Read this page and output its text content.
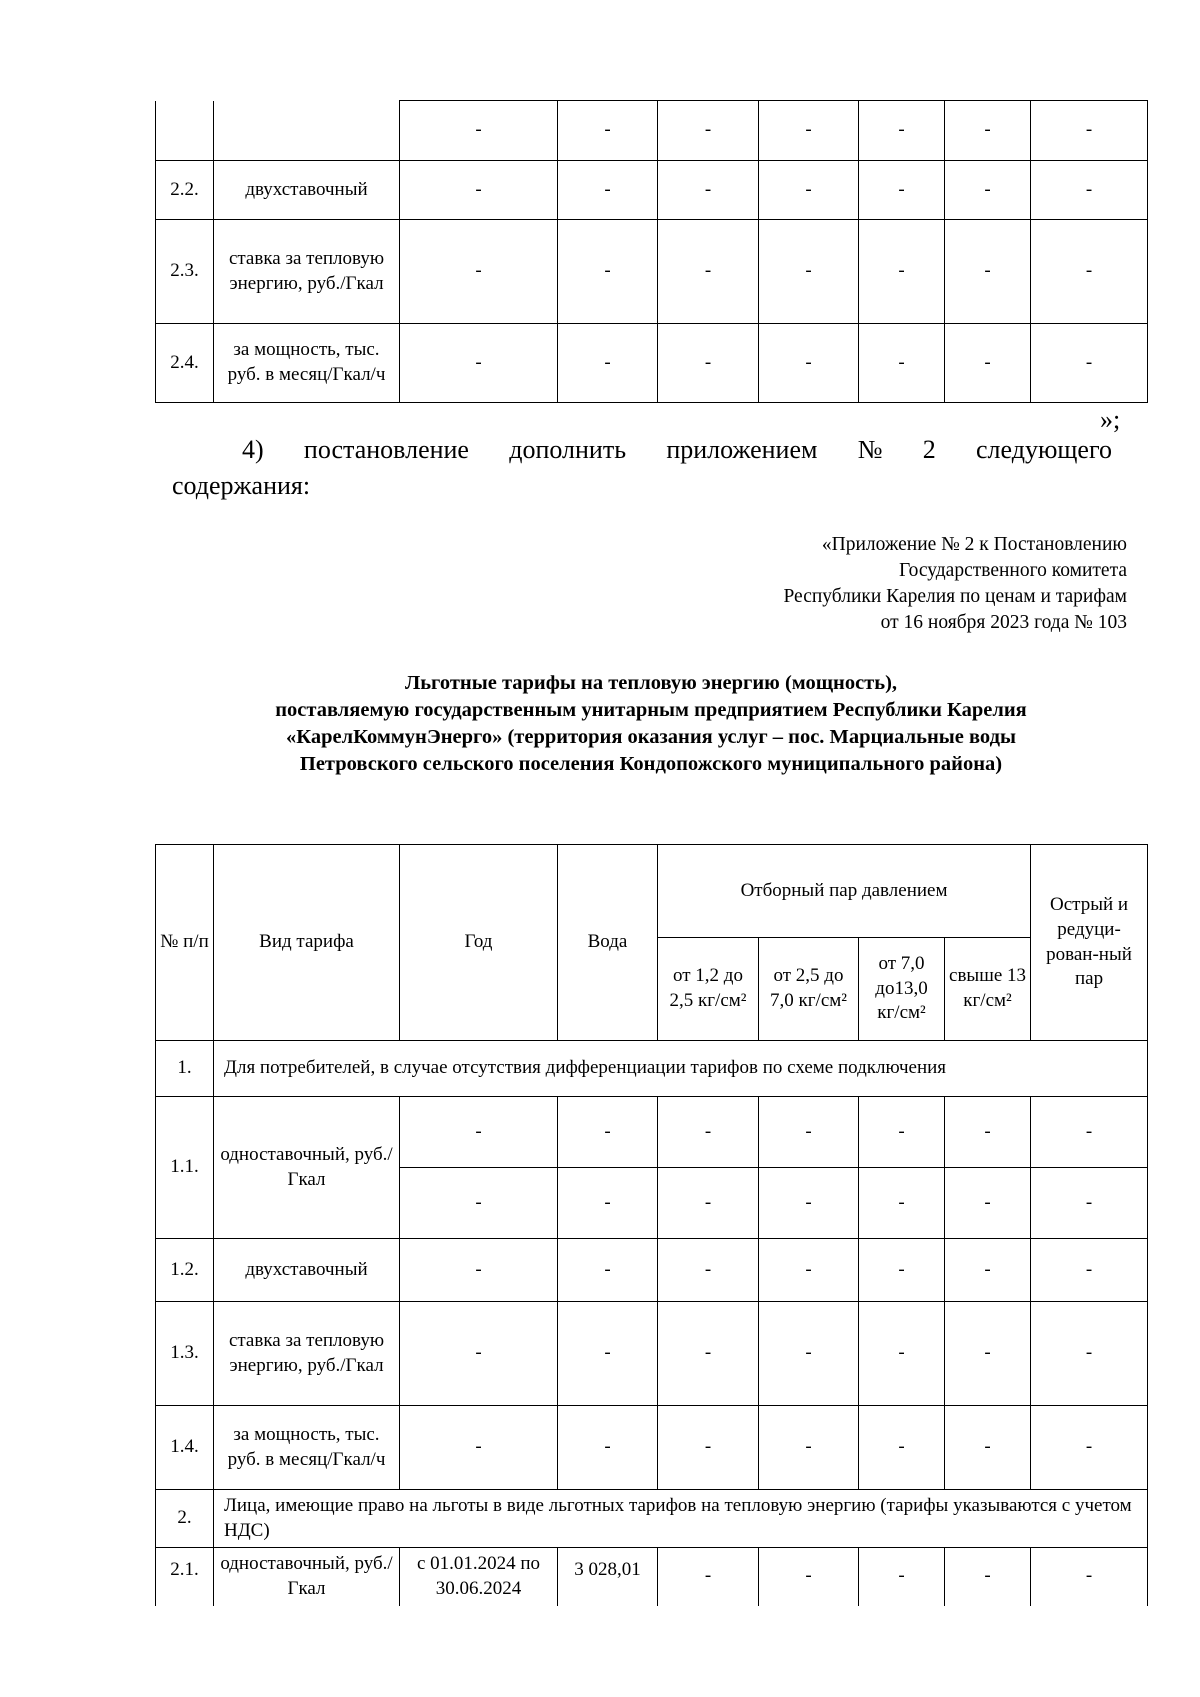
		-	-	-	-	-	-	-
2.2.	двухставочный	-	-	-	-	-	-	-
2.3.	ставка за тепловую энергию, руб./Гкал	-	-	-	-	-	-	-
2.4.	за мощность, тыс. руб. в месяц/Гкал/ч	-	-	-	-	-	-	-
»;
4) постановление дополнить приложением № 2 следующего
содержания:
«Приложение № 2 к Постановлению
Государственного комитета
Республики Карелия по ценам и тарифам
от 16 ноября 2023 года № 103
Льготные тарифы на тепловую энергию (мощность),
поставляемую государственным унитарным предприятием Республики Карелия
«КарелКоммунЭнерго» (территория оказания услуг – пос. Марциальные воды
Петровского сельского поселения Кондопожского муниципального района)
№ п/п	Вид тарифа	Год	Вода	Отборный пар давлением				Острый и редуци-рован-ный пар
				от 1,2 до 2,5 кг/см²	от 2,5 до 7,0 кг/см²	от 7,0 до13,0 кг/см²	свыше 13 кг/см²	
1.	Для потребителей, в случае отсутствия дифференциации тарифов по схеме подключения							
1.1.	одноставочный, руб./Гкал	-	-	-	-	-	-	-
		-	-	-	-	-	-	-
1.2.	двухставочный	-	-	-	-	-	-	-
1.3.	ставка за тепловую энергию, руб./Гкал	-	-	-	-	-	-	-
1.4.	за мощность, тыс. руб. в месяц/Гкал/ч	-	-	-	-	-	-	-
2.	Лица, имеющие право на льготы в виде льготных тарифов на тепловую энергию (тарифы указываются с учетом НДС)							
2.1.	одноставочный, руб./Гкал	с 01.01.2024 по 30.06.2024	3 028,01	-	-	-	-	-
